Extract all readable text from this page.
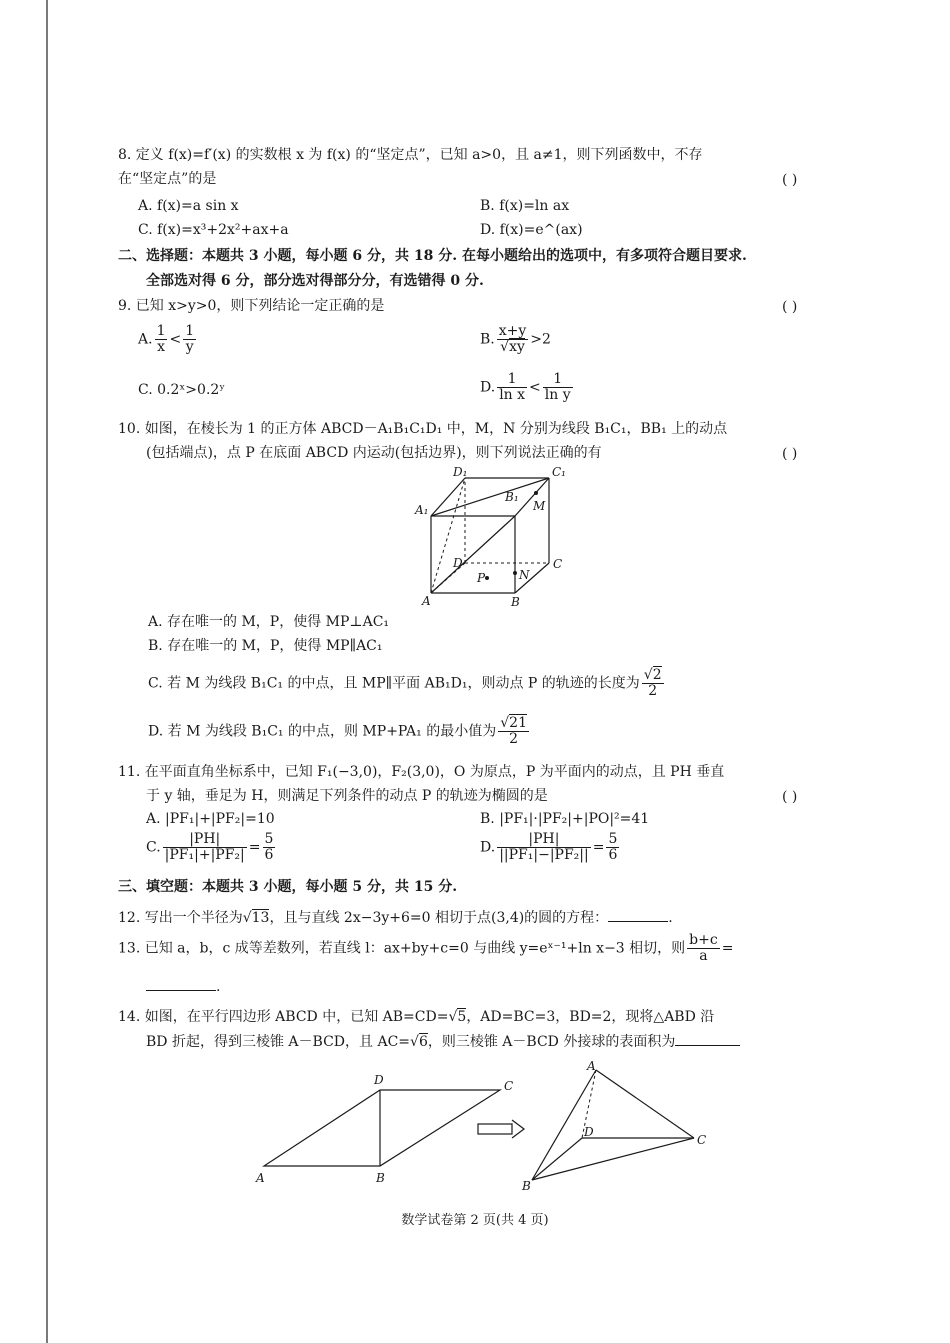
8. 定义 f(x)=f′(x) 的实数根 x 为 f(x) 的“坚定点”，已知 a>0，且 a≠1，则下列函数中，不存
在“坚定点”的是	( )
A. f(x)=a sin x	B. f(x)=ln ax
C. f(x)=x³+2x²+ax+a	D. f(x)=e^(ax)
二、选择题：本题共 3 小题，每小题 6 分，共 18 分. 在每小题给出的选项中，有多项符合题目要求.
全部选对得 6 分，部分选对得部分分，有选错得 0 分.
9. 已知 x>y>0，则下列结论一定正确的是	( )
A. $\frac{1}{x} < \frac{1}{y}$	B. $\frac{x+y}{√xy} >2$
C. 0.2ˣ>0.2ʸ	D. $\frac{1}{\text{ln x}} < \frac{1}{\text{ln y}}$
10. 如图，在棱长为 1 的正方体 ABCD－A₁B₁C₁D₁ 中，M，N 分别为线段 B₁C₁，BB₁ 上的动点
(包括端点)，点 P 在底面 ABCD 内运动(包括边界)，则下列说法正确的有	( )
D₁	C₁
A₁
B₁
M
D	C
P	N
A	B
A. 存在唯一的 M，P，使得 MP⊥AC₁
B. 存在唯一的 M，P，使得 MP∥AC₁
C. 若 M 为线段 B₁C₁ 的中点，且 MP∥平面 AB₁D₁，则动点 P 的轨迹的长度为 $\frac{√2}{2}$
D. 若 M 为线段 B₁C₁ 的中点，则 MP+PA₁ 的最小值为 $\frac{√21}{2}$
11. 在平面直角坐标系中，已知 F₁(−3,0)，F₂(3,0)，O 为原点，P 为平面内的动点，且 PH 垂直
于 y 轴，垂足为 H，则满足下列条件的动点 P 的轨迹为椭圆的是	( )
A. |PF₁|+|PF₂|=10	B. |PF₁|·|PF₂|+|PO|²=41
C. $\frac{|PH|}{\text{|PF₁|+|PF₂|}} = \frac{5}{6}$	D. $\frac{|PH|}{\text{||PF₁|−|PF₂||}} = \frac{5}{6}$
三、填空题：本题共 3 小题，每小题 5 分，共 15 分.
12. 写出一个半径为√13，且与直线 2x−3y+6=0 相切于点(3,4)的圆的方程：	.
13. 已知 a，b，c 成等差数列，若直线 l：ax+by+c=0 与曲线 y=eˣ⁻¹+ln x−3 相切，则 $\frac{b+c}{a}$ =
.
14. 如图，在平行四边形 ABCD 中，已知 AB=CD=√5，AD=BC=3，BD=2，现将△ABD 沿
BD 折起，得到三棱锥 A－BCD，且 AC=√6，则三棱锥 A－BCD 外接球的表面积为
A	B
C
D
A
B
C
D
数学试卷第 2 页(共 4 页)
